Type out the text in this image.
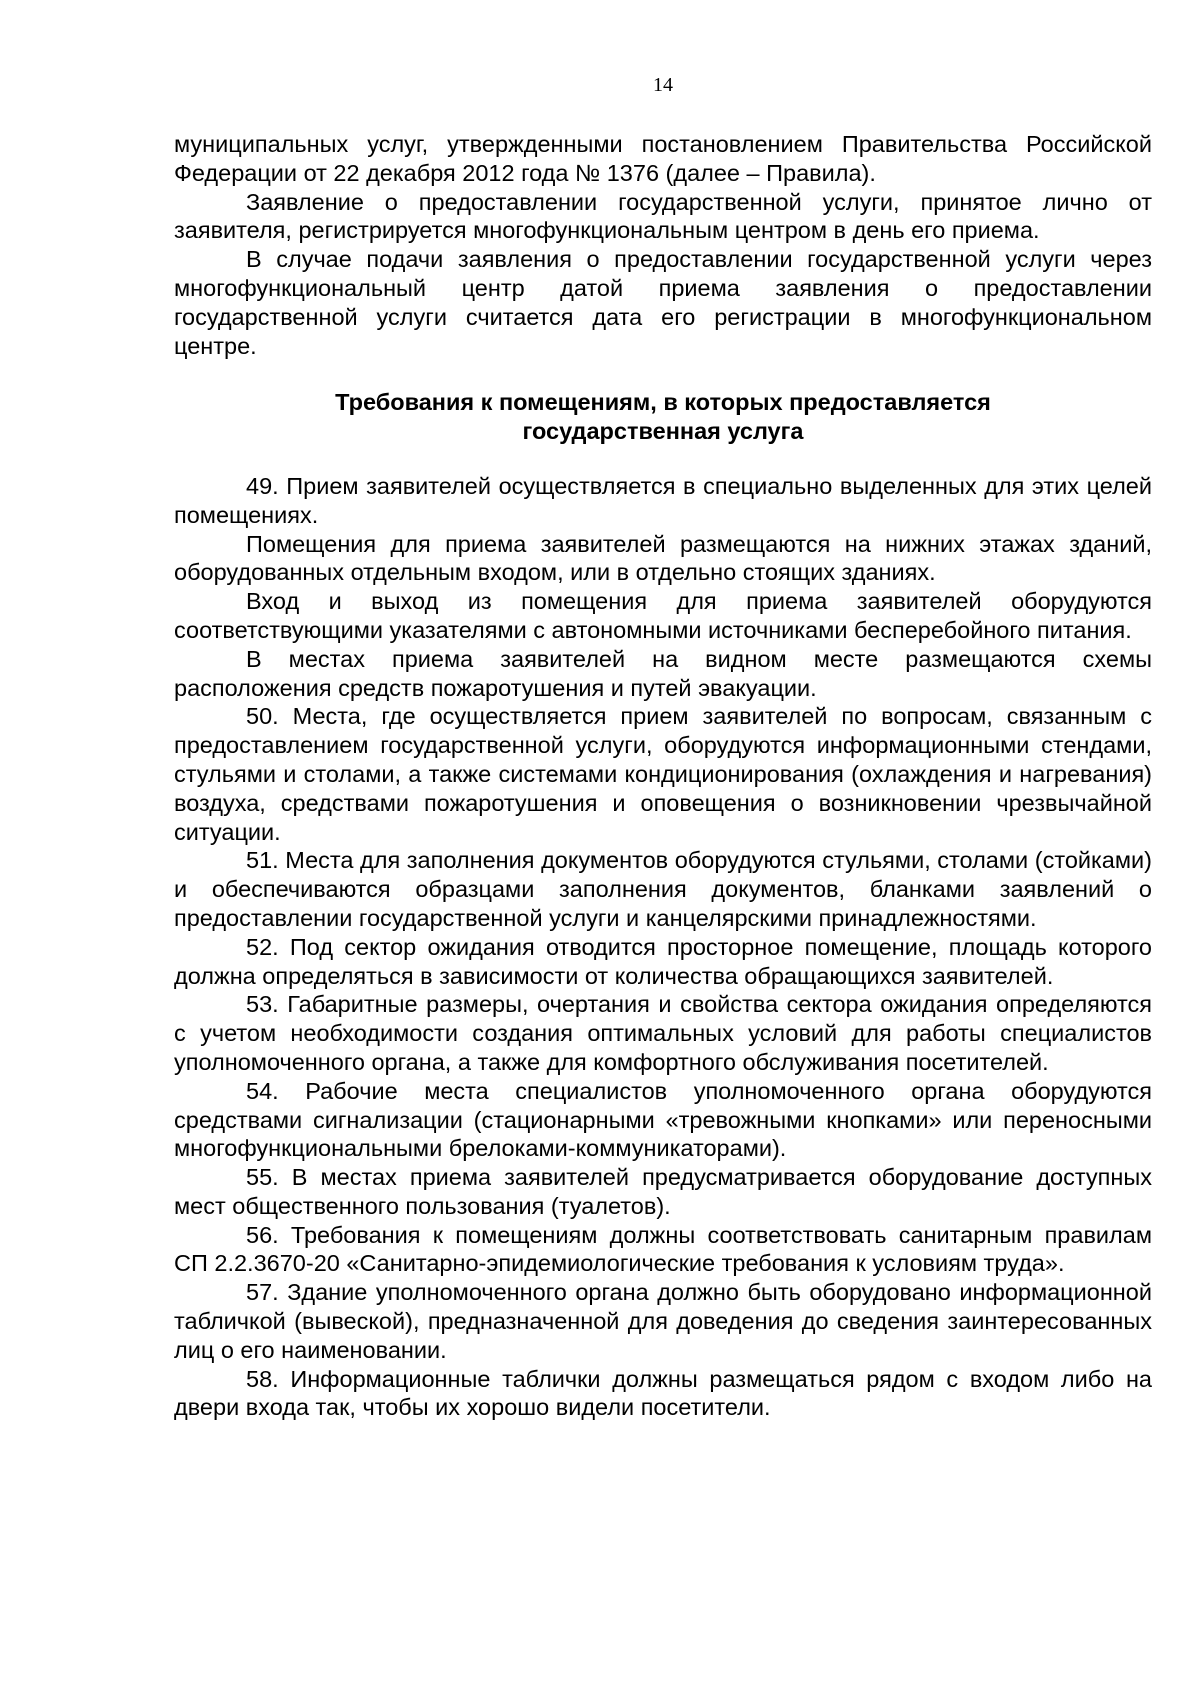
14

муниципальных услуг, утвержденными постановлением Правительства Российской Федерации от 22 декабря 2012 года № 1376 (далее – Правила).

Заявление о предоставлении государственной услуги, принятое лично от заявителя, регистрируется многофункциональным центром в день его приема.

В случае подачи заявления о предоставлении государственной услуги через многофункциональный центр датой приема заявления о предоставлении государственной услуги считается дата его регистрации в многофункциональном центре.

Требования к помещениям, в которых предоставляется государственная услуга

49. Прием заявителей осуществляется в специально выделенных для этих целей помещениях.

Помещения для приема заявителей размещаются на нижних этажах зданий, оборудованных отдельным входом, или в отдельно стоящих зданиях.

Вход и выход из помещения для приема заявителей оборудуются соответствующими указателями с автономными источниками бесперебойного питания.

В местах приема заявителей на видном месте размещаются схемы расположения средств пожаротушения и путей эвакуации.

50. Места, где осуществляется прием заявителей по вопросам, связанным с предоставлением государственной услуги, оборудуются информационными стендами, стульями и столами, а также системами кондиционирования (охлаждения и нагревания) воздуха, средствами пожаротушения и оповещения о возникновении чрезвычайной ситуации.

51. Места для заполнения документов оборудуются стульями, столами (стойками) и обеспечиваются образцами заполнения документов, бланками заявлений о предоставлении государственной услуги и канцелярскими принадлежностями.

52. Под сектор ожидания отводится просторное помещение, площадь которого должна определяться в зависимости от количества обращающихся заявителей.

53. Габаритные размеры, очертания и свойства сектора ожидания определяются с учетом необходимости создания оптимальных условий для работы специалистов уполномоченного органа, а также для комфортного обслуживания посетителей.

54. Рабочие места специалистов уполномоченного органа оборудуются средствами сигнализации (стационарными «тревожными кнопками» или переносными многофункциональными брелоками-коммуникаторами).

55. В местах приема заявителей предусматривается оборудование доступных мест общественного пользования (туалетов).

56. Требования к помещениям должны соответствовать санитарным правилам СП 2.2.3670-20 «Санитарно-эпидемиологические требования к условиям труда».

57. Здание уполномоченного органа должно быть оборудовано информационной табличкой (вывеской), предназначенной для доведения до сведения заинтересованных лиц о его наименовании.

58. Информационные таблички должны размещаться рядом с входом либо на двери входа так, чтобы их хорошо видели посетители.
